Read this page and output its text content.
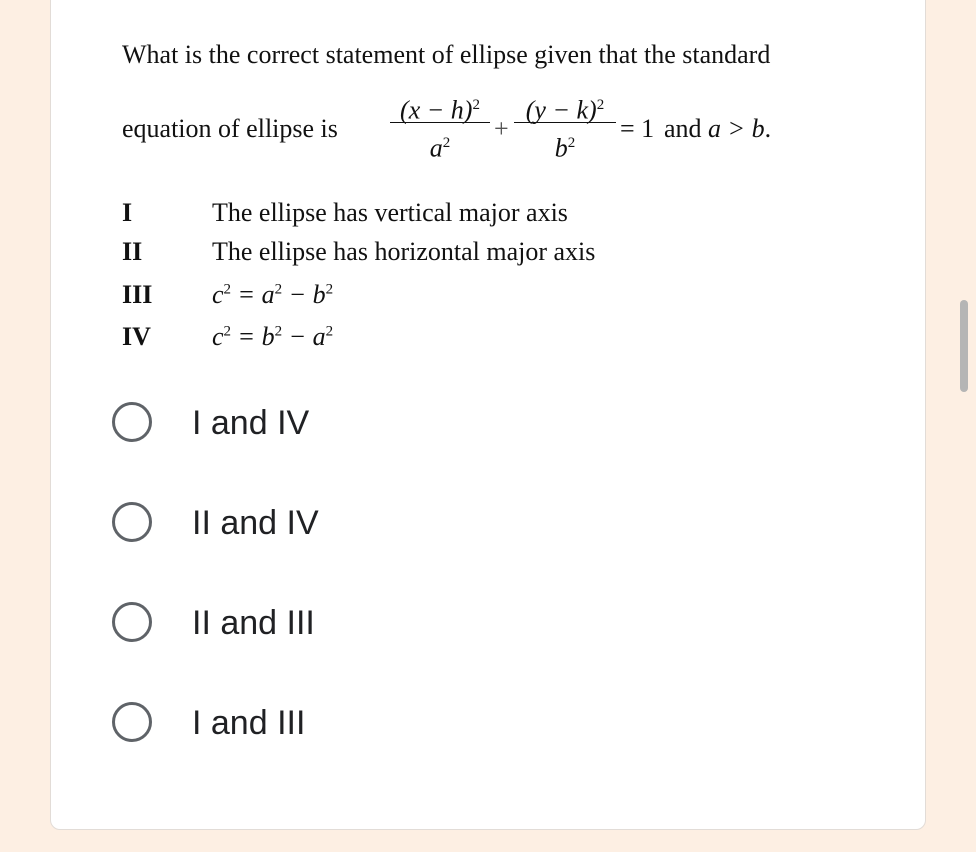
What is the correct statement of ellipse given that the standard
equation of ellipse is
$(x - h)^2$
$a^2$	+
$(y - k)^2$
$b^2$	= 1 and a > b.
I	The ellipse has vertical major axis
II	The ellipse has horizontal major axis
III $c^2 = a^2 - b^2$
IV $c^2 = b^2 - a^2$
I and IV
II and IV
II and III
I and III
